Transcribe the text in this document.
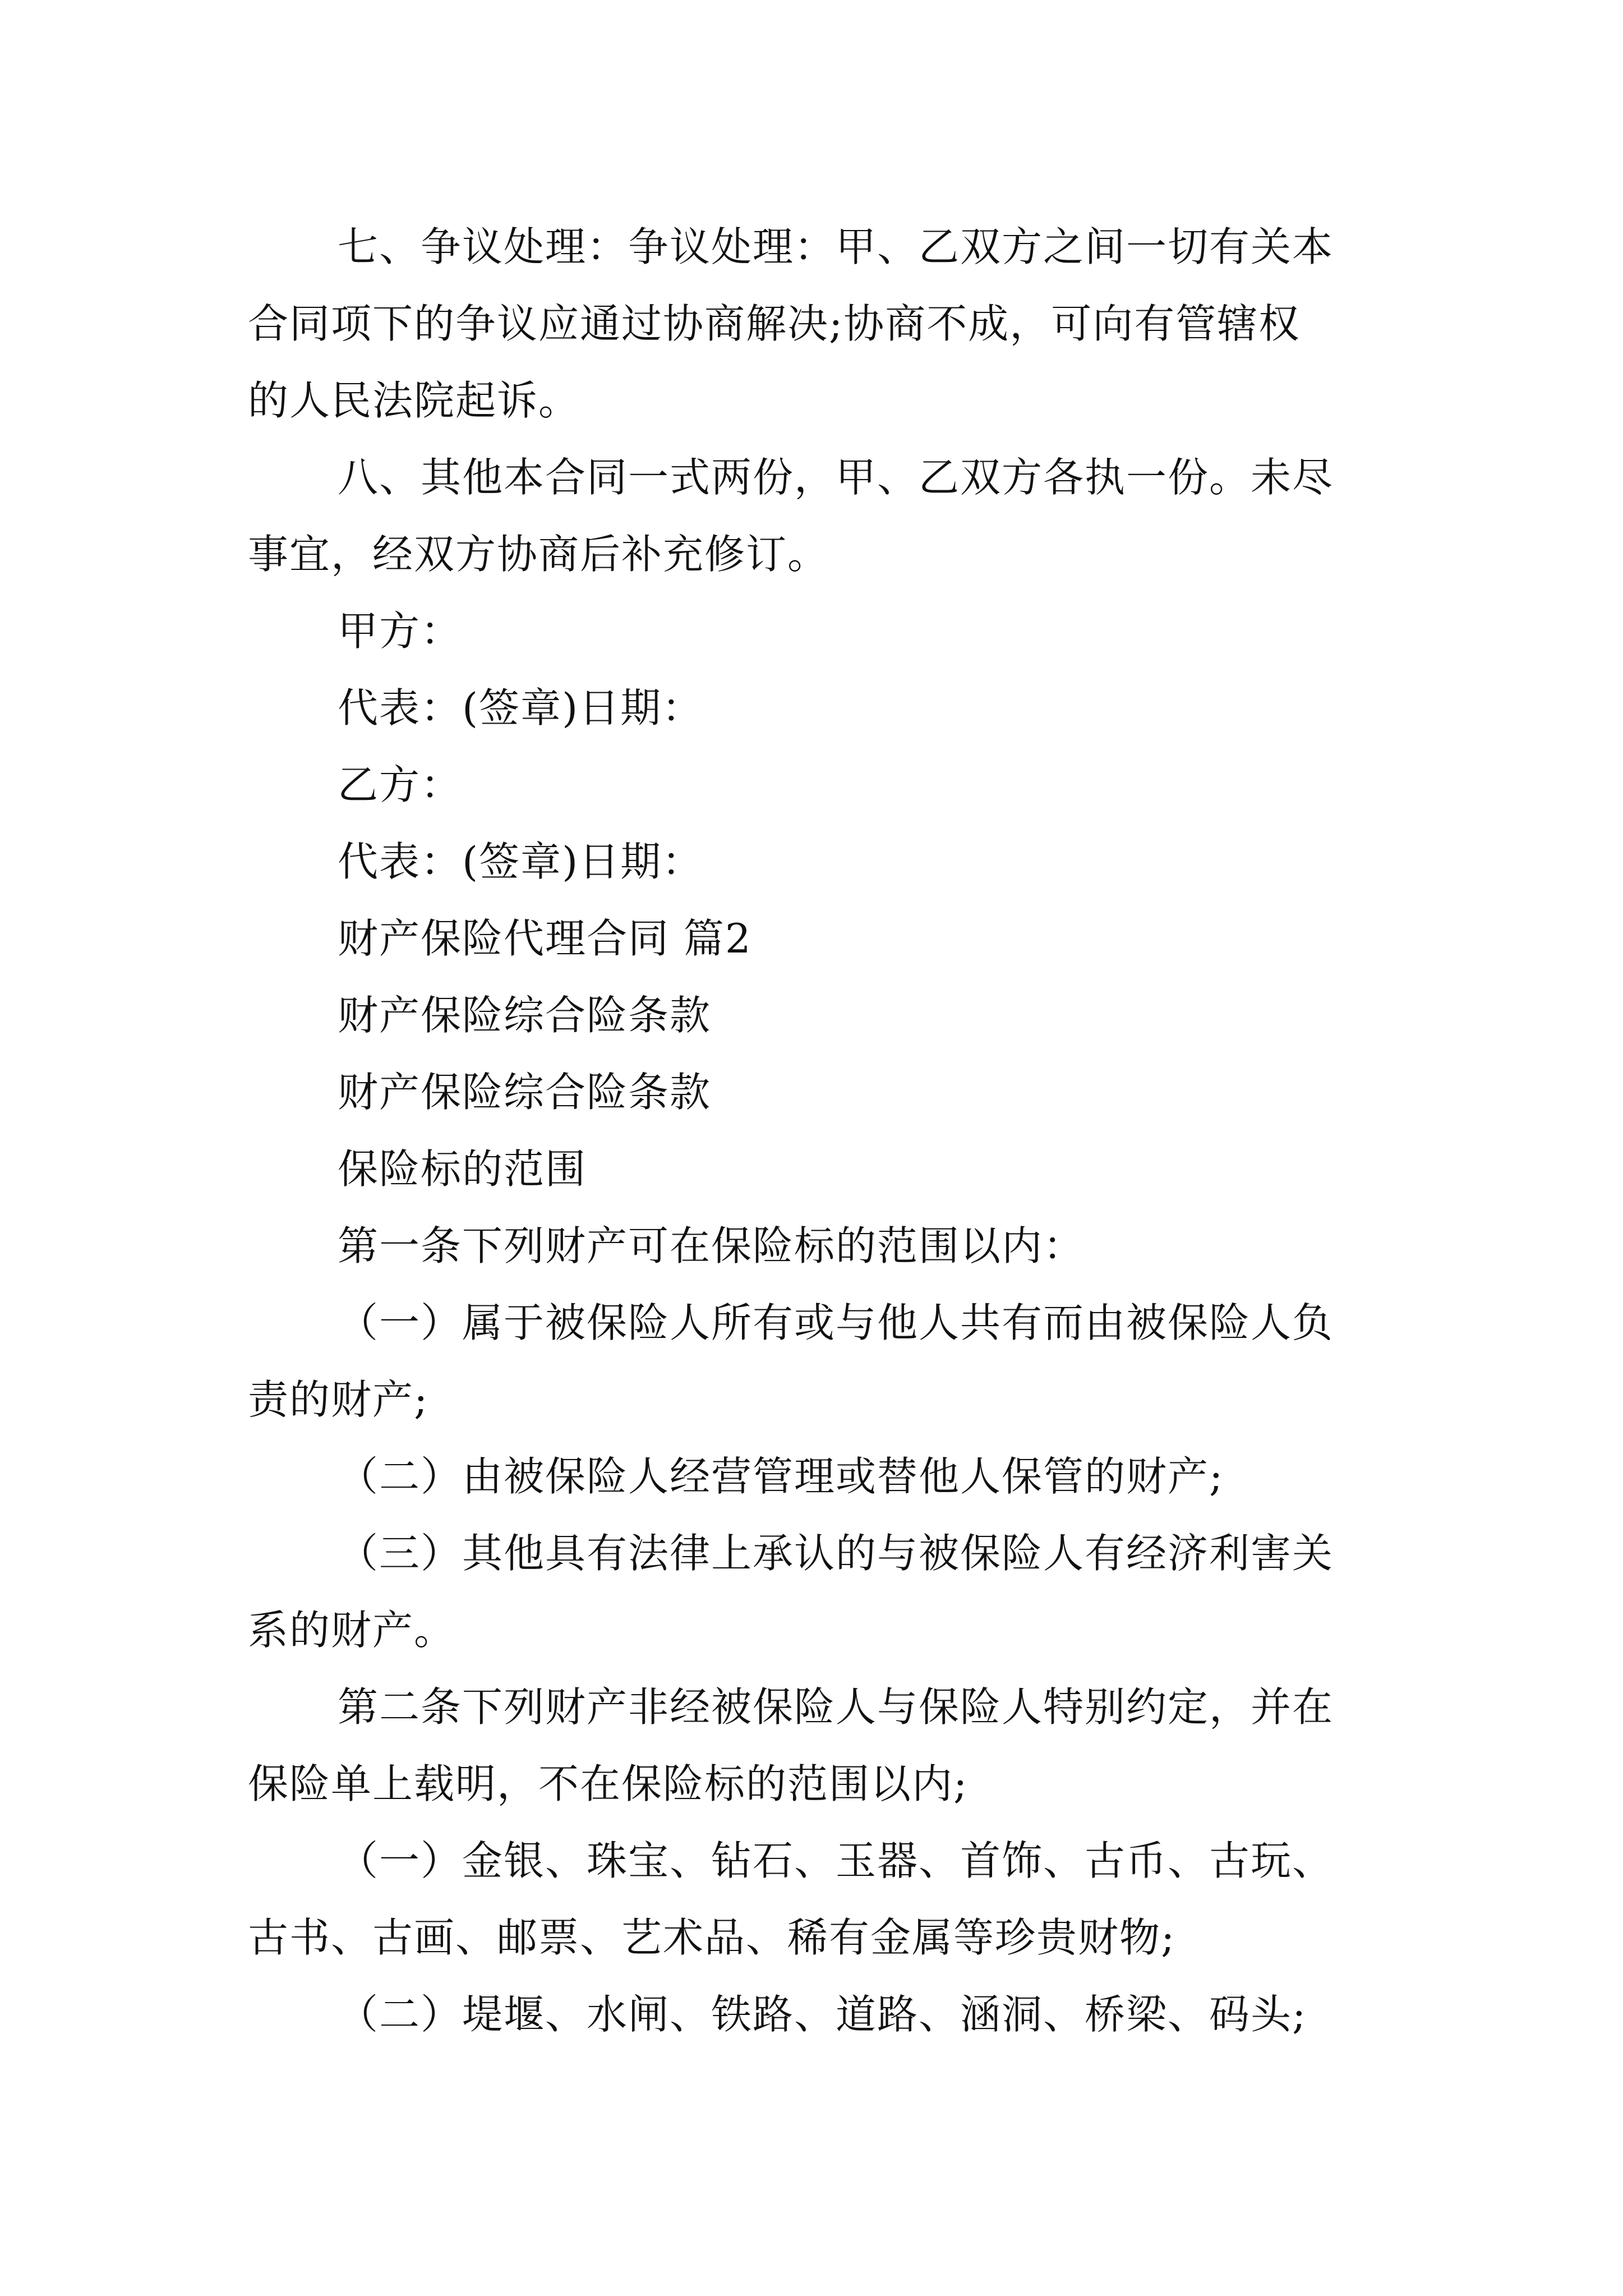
七、争议处理：争议处理：甲、乙双方之间一切有关本
合同项下的争议应通过协商解决;协商不成，可向有管辖权
的人民法院起诉。
八、其他本合同一式两份，甲、乙双方各执一份。未尽
事宜，经双方协商后补充修订。
甲方：
代表：(签章)日期：
乙方：
代表：(签章)日期：
财产保险代理合同 篇2
财产保险综合险条款
财产保险综合险条款
保险标的范围
第一条下列财产可在保险标的范围以内：
（一）属于被保险人所有或与他人共有而由被保险人负
责的财产;
（二）由被保险人经营管理或替他人保管的财产;
（三）其他具有法律上承认的与被保险人有经济利害关
系的财产。
第二条下列财产非经被保险人与保险人特别约定，并在
保险单上载明，不在保险标的范围以内;
（一）金银、珠宝、钻石、玉器、首饰、古币、古玩、
古书、古画、邮票、艺术品、稀有金属等珍贵财物;
（二）堤堰、水闸、铁路、道路、涵洞、桥梁、码头;
